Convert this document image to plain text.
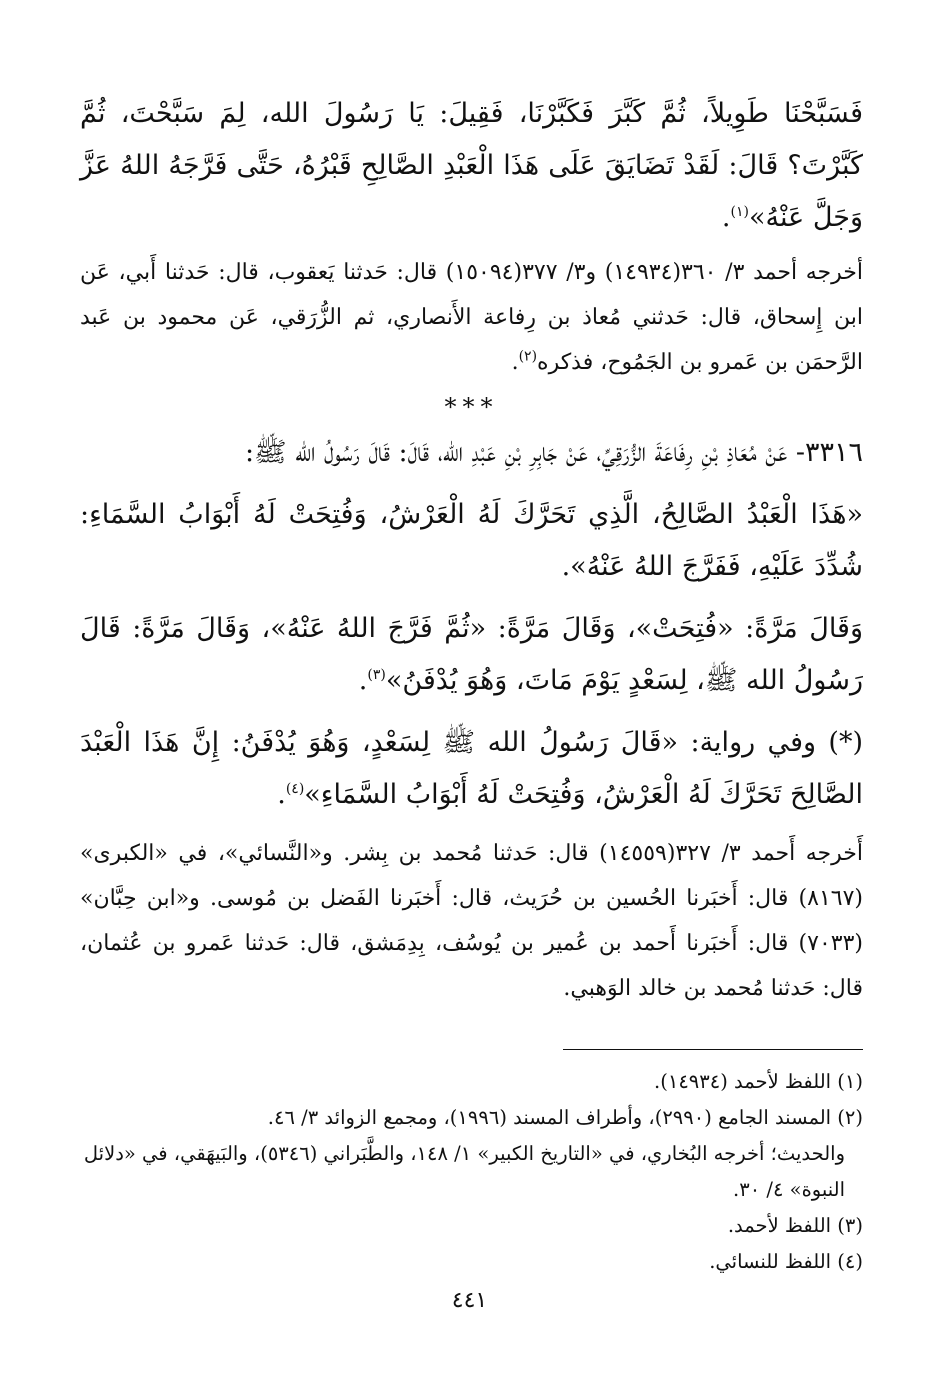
فَسَبَّحْنَا طَوِيلاً، ثُمَّ كَبَّرَ فَكَبَّرْنَا، فَقِيلَ: يَا رَسُولَ الله، لِمَ سَبَّحْتَ، ثُمَّ كَبَّرْتَ؟ قَالَ: لَقَدْ تَضَايَقَ عَلَى هَذَا الْعَبْدِ الصَّالِحِ قَبْرُهُ، حَتَّى فَرَّجَهُ اللهُ عَزَّ وَجَلَّ عَنْهُ»$^{(١)}$.

أخرجه أحمد ٣/ ٣٦٠(١٤٩٣٤) و٣/ ٣٧٧(١٥٠٩٤) قال: حَدثنا يَعقوب، قال: حَدثنا أَبي، عَن ابن إِسحاق، قال: حَدثني مُعاذ بن رِفاعة الأَنصاري، ثم الزُّرَقي، عَن محمود بن عَبد الرَّحمَن بن عَمرو بن الجَمُوح، فذكره$^{(٢)}$.

***

٣٣١٦- عَنْ مُعَاذِ بْنِ رِفَاعَةَ الزُّرَقِيِّ، عَنْ جَابِرِ بْنِ عَبْدِ الله، قَالَ: قَالَ رَسُولُ الله ﷺ:

«هَذَا الْعَبْدُ الصَّالِحُ، الَّذِي تَحَرَّكَ لَهُ الْعَرْشُ، وَفُتِحَتْ لَهُ أَبْوَابُ السَّمَاءِ: شُدِّدَ عَلَيْهِ، فَفَرَّجَ اللهُ عَنْهُ».

وَقَالَ مَرَّةً: «فُتِحَتْ»، وَقَالَ مَرَّةً: «ثُمَّ فَرَّجَ اللهُ عَنْهُ»، وَقَالَ مَرَّةً: قَالَ رَسُولُ الله ﷺ، لِسَعْدٍ يَوْمَ مَاتَ، وَهُوَ يُدْفَنُ»$^{(٣)}$.

(*) وفي رواية: «قَالَ رَسُولُ الله ﷺ لِسَعْدٍ، وَهُوَ يُدْفَنُ: إِنَّ هَذَا الْعَبْدَ الصَّالِحَ تَحَرَّكَ لَهُ الْعَرْشُ، وَفُتِحَتْ لَهُ أَبْوَابُ السَّمَاءِ»$^{(٤)}$.

أَخرجه أَحمد ٣/ ٣٢٧(١٤٥٥٩) قال: حَدثنا مُحمد بن بِشر. و«النَّسائي»، في «الكبرى» (٨١٦٧) قال: أَخبَرنا الحُسين بن حُرَيث، قال: أَخبَرنا الفَضل بن مُوسى. و«ابن حِبَّان» (٧٠٣٣) قال: أَخبَرنا أَحمد بن عُمير بن يُوسُف، بِدِمَشق، قال: حَدثنا عَمرو بن عُثمان، قال: حَدثنا مُحمد بن خالد الوَهبي.

(١) اللفظ لأحمد (١٤٩٣٤).
(٢) المسند الجامع (٢٩٩٠)، وأطراف المسند (١٩٩٦)، ومجمع الزوائد ٣/ ٤٦.
والحديث؛ أخرجه البُخاري، في «التاريخ الكبير» ١/ ١٤٨، والطَّبَراني (٥٣٤٦)، والبَيهَقي، في «دلائل النبوة» ٤/ ٣٠.
(٣) اللفظ لأحمد.
(٤) اللفظ للنسائي.
٤٤١
